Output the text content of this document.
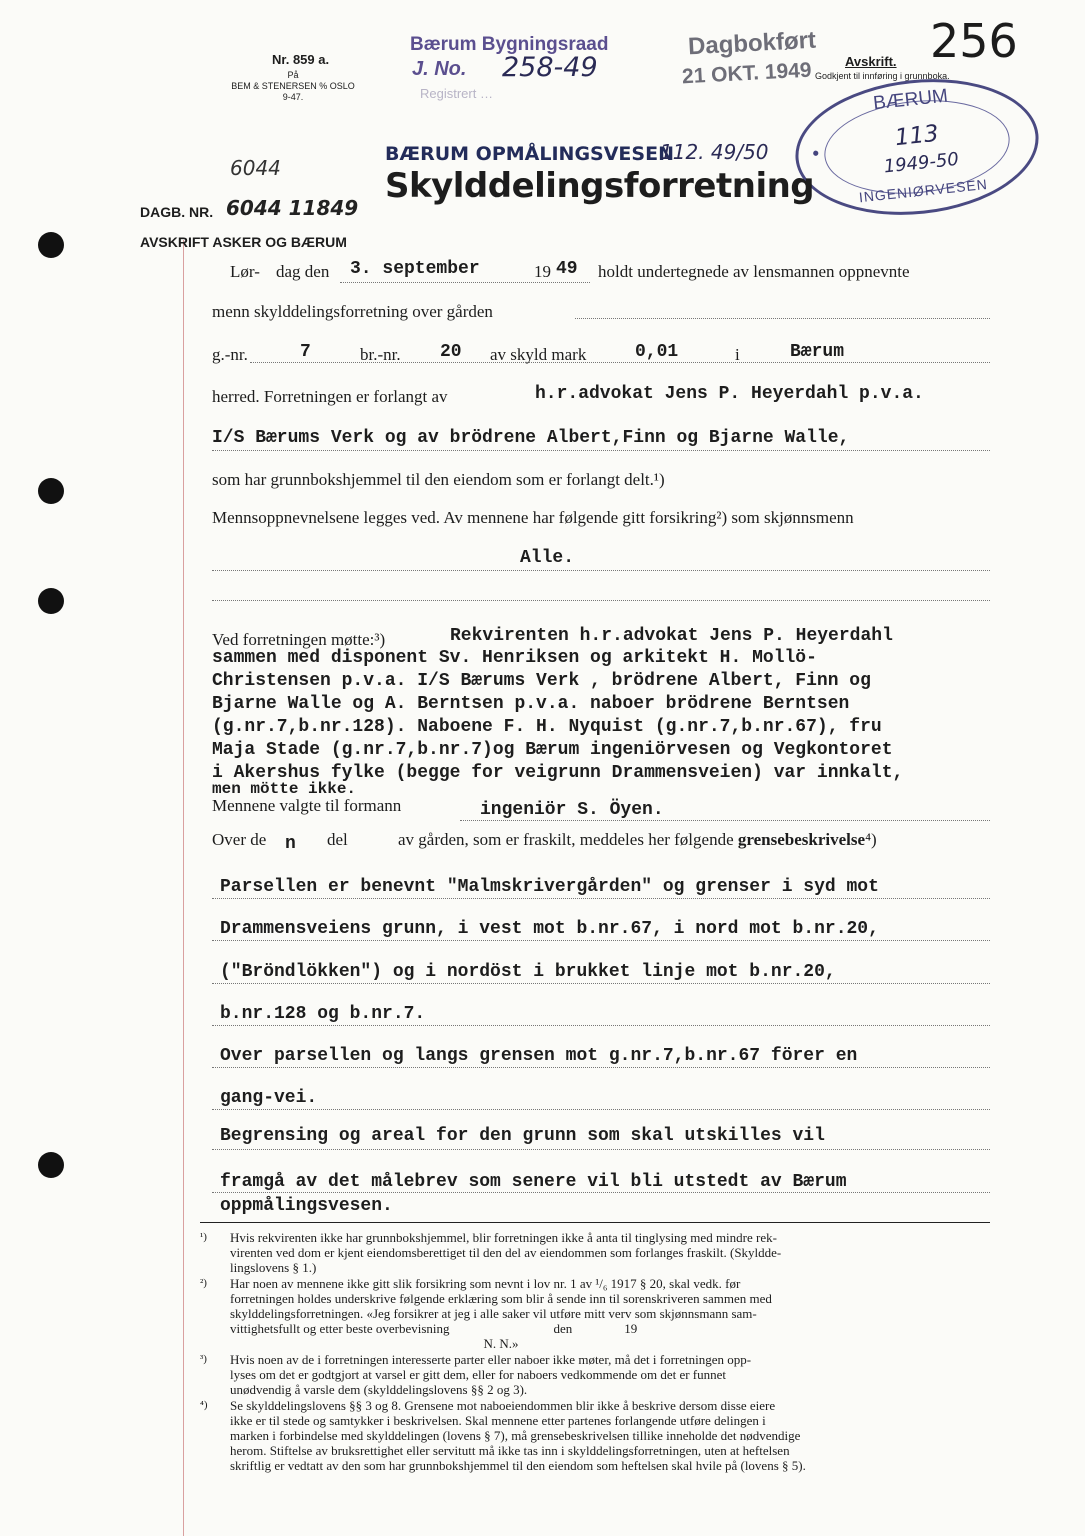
Nr. 859 a.
På
BEM & STENERSEN % OSLO
9-47.
Bærum Bygningsraad
J. No. 258-49
Registrert …
Dagbokført
21 OKT. 1949	Avskrift.
Godkjent til innføring i grunnboka.
256
BÆRUM
INGENIØRVESEN
●
113
1949-50
6044
BÆRUM OPMÅLINGSVESEN
112. 49/50
Skylddelingsforretning
DAGB. NR. 6044 11849
AVSKRIFT ASKER OG BÆRUM
Lør- dag den 3. september	19 49 holdt undertegnede av lensmannen oppnevnte
menn skylddelingsforretning over gården
g.-nr.	7	br.-nr. 20 av skyld mark	0,01	i	Bærum
herred. Forretningen er forlangt av	h.r.advokat Jens P. Heyerdahl p.v.a.
I/S Bærums Verk og av brödrene Albert,Finn og Bjarne Walle,
som har grunnbokshjemmel til den eiendom som er forlangt delt.¹)
Mennsoppnevnelsene legges ved. Av mennene har følgende gitt forsikring²) som skjønnsmenn
Alle.
Ved forretningen møtte:³)	Rekvirenten h.r.advokat Jens P. Heyerdahl
sammen med disponent Sv. Henriksen og arkitekt H. Mollö-
Christensen p.v.a. I/S Bærums Verk , brödrene Albert, Finn og
Bjarne Walle og A. Berntsen p.v.a. naboer brödrene Berntsen
(g.nr.7,b.nr.128). Naboene F. H. Nyquist (g.nr.7,b.nr.67), fru
Maja Stade (g.nr.7,b.nr.7)og Bærum ingeniörvesen og Vegkontoret
i Akershus fylke (begge for veigrunn Drammensveien) var innkalt,
men mötte ikke.
Mennene valgte til formann	ingeniör S. Öyen.
Over de n del	av gården, som er fraskilt, meddeles her følgende grensebeskrivelse⁴)
Parsellen er benevnt "Malmskrivergården" og grenser i syd mot
Drammensveiens grunn, i vest mot b.nr.67, i nord mot b.nr.20,
("Bröndlökken") og i nordöst i brukket linje mot b.nr.20,
b.nr.128 og b.nr.7.
Over parsellen og langs grensen mot g.nr.7,b.nr.67 förer en
gang-vei.
Begrensing og areal for den grunn som skal utskilles vil
framgå av det målebrev som senere vil bli utstedt av Bærum
oppmålingsvesen.
¹) Hvis rekvirenten ikke har grunnbokshjemmel, blir forretningen ikke å anta til tinglysing med mindre rek-
virenten ved dom er kjent eiendomsberettiget til den del av eiendommen som forlanges fraskilt. (Skyldde-
lingslovens § 1.)
²) Har noen av mennene ikke gitt slik forsikring som nevnt i lov nr. 1 av ¹/₆ 1917 § 20, skal vedk. før
forretningen holdes underskrive følgende erklæring som blir å sende inn til sorenskriveren sammen med
skylddelingsforretningen. «Jeg forsikrer at jeg i alle saker vil utføre mitt verv som skjønnsmann sam-
vittighetsfullt og etter beste overbevisning                                den                19
N. N.»
³) Hvis noen av de i forretningen interesserte parter eller naboer ikke møter, må det i forretningen opp-
lyses om det er godtgjort at varsel er gitt dem, eller for naboers vedkommende om det er funnet
unødvendig å varsle dem (skylddelingslovens §§ 2 og 3).
⁴) Se skylddelingslovens §§ 3 og 8. Grensene mot naboeiendommen blir ikke å beskrive dersom disse eiere
ikke er til stede og samtykker i beskrivelsen. Skal mennene etter partenes forlangende utføre delingen i
marken i forbindelse med skylddelingen (lovens § 7), må grensebeskrivelsen tillike inneholde det nødvendige
herom. Stiftelse av bruksrettighet eller servitutt må ikke tas inn i skylddelingsforretningen, uten at heftelsen
skriftlig er vedtatt av den som har grunnbokshjemmel til den eiendom som heftelsen skal hvile på (lovens § 5).
